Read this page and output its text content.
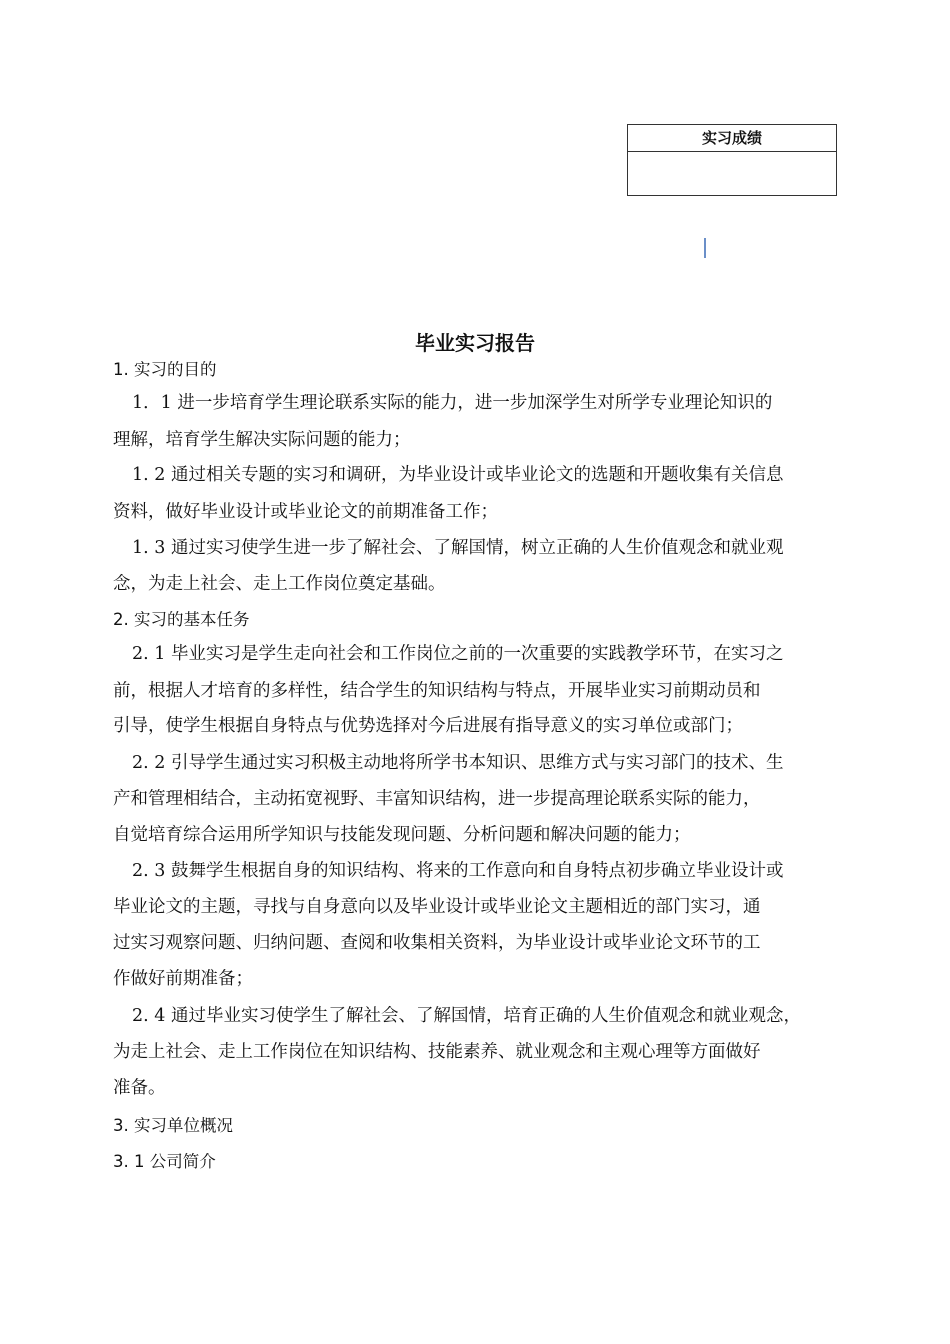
实习成绩
毕业实习报告
1. 实习的目的
1．1 进一步培育学生理论联系实际的能力，进一步加深学生对所学专业理论知识的
理解，培育学生解决实际问题的能力；
1. 2 通过相关专题的实习和调研，为毕业设计或毕业论文的选题和开题收集有关信息
资料，做好毕业设计或毕业论文的前期准备工作；
1. 3 通过实习使学生进一步了解社会、了解国情，树立正确的人生价值观念和就业观
念，为走上社会、走上工作岗位奠定基础。
2. 实习的基本任务
2. 1 毕业实习是学生走向社会和工作岗位之前的一次重要的实践教学环节，在实习之
前，根据人才培育的多样性，结合学生的知识结构与特点，开展毕业实习前期动员和
引导，使学生根据自身特点与优势选择对今后进展有指导意义的实习单位或部门；
2. 2 引导学生通过实习积极主动地将所学书本知识、思维方式与实习部门的技术、生
产和管理相结合，主动拓宽视野、丰富知识结构，进一步提高理论联系实际的能力，
自觉培育综合运用所学知识与技能发现问题、分析问题和解决问题的能力；
2. 3 鼓舞学生根据自身的知识结构、将来的工作意向和自身特点初步确立毕业设计或
毕业论文的主题，寻找与自身意向以及毕业设计或毕业论文主题相近的部门实习，通
过实习观察问题、归纳问题、查阅和收集相关资料，为毕业设计或毕业论文环节的工
作做好前期准备；
2. 4 通过毕业实习使学生了解社会、了解国情，培育正确的人生价值观念和就业观念，
为走上社会、走上工作岗位在知识结构、技能素养、就业观念和主观心理等方面做好
准备。
3. 实习单位概况
3. 1 公司简介
